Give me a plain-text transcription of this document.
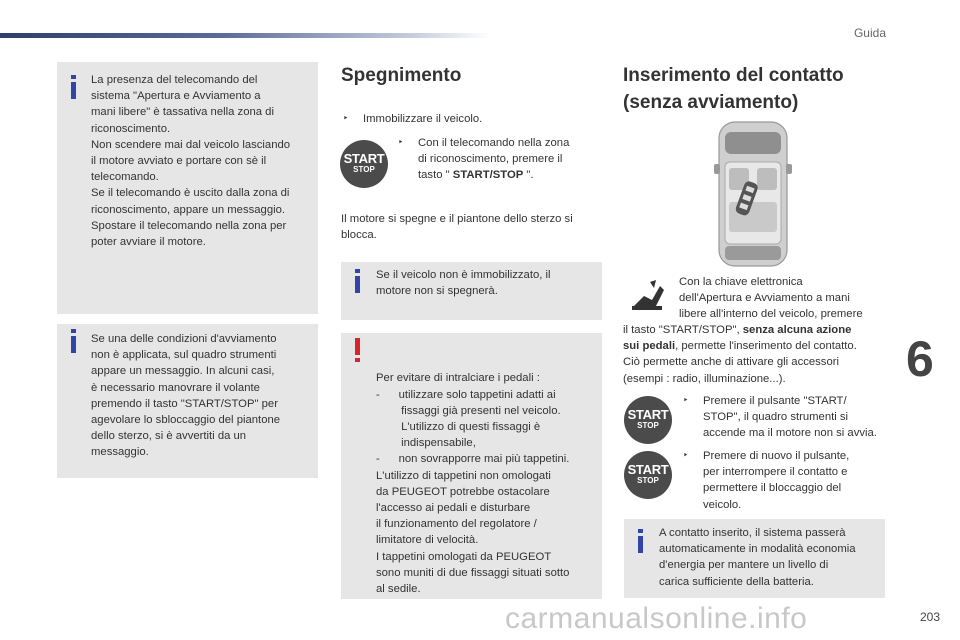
Guida
La presenza del telecomando del
sistema "Apertura e Avviamento a
mani libere" è tassativa nella zona di
riconoscimento.
Non scendere mai dal veicolo lasciando
il motore avviato e portare con sè il
telecomando.
Se il telecomando è uscito dalla zona di
riconoscimento, appare un messaggio.
Spostare il telecomando nella zona per
poter avviare il motore.
Se una delle condizioni d'avviamento
non è applicata, sul quadro strumenti
appare un messaggio. In alcuni casi,
è necessario manovrare il volante
premendo il tasto "START/STOP" per
agevolare lo sbloccaggio del piantone
dello sterzo, si è avvertiti da un
messaggio.
Spegnimento
‣ Immobilizzare il veicolo.
START
STOP
‣ Con il telecomando nella zona
di riconoscimento, premere il
tasto " START/STOP ".
Il motore si spegne e il piantone dello sterzo si
blocca.
Se il veicolo non è immobilizzato, il
motore non si spegnerà.

Per evitare di intralciare i pedali :
-      utilizzare solo tappetini adatti ai
fissaggi già presenti nel veicolo.
L'utilizzo di questi fissaggi è
indispensabile,
-      non sovrapporre mai più tappetini.
L'utilizzo di tappetini non omologati
da PEUGEOT potrebbe ostacolare
l'accesso ai pedali e disturbare
il funzionamento del regolatore /
limitatore di velocità.
I tappetini omologati da PEUGEOT
sono muniti di due fissaggi situati sotto
al sedile.

Inserimento del contatto
(senza avviamento)
Con la chiave elettronica
dell'Apertura e Avviamento a mani
libere all'interno del veicolo, premere
il tasto "START/STOP", senza alcuna azione
sui pedali, permette l'inserimento del contatto.
Ciò permette anche di attivare gli accessori
(esempi : radio, illuminazione...).
START
STOP
‣ Premere il pulsante "START/
STOP", il quadro strumenti si
accende ma il motore non si avvia.
START
STOP
‣ Premere di nuovo il pulsante,
per interrompere il contatto e
permettere il bloccaggio del
veicolo.
A contatto inserito, il sistema passerà
automaticamente in modalità economia
d'energia per mantere un livello di
carica sufficiente della batteria.
6
carmanualsonline.info	203
